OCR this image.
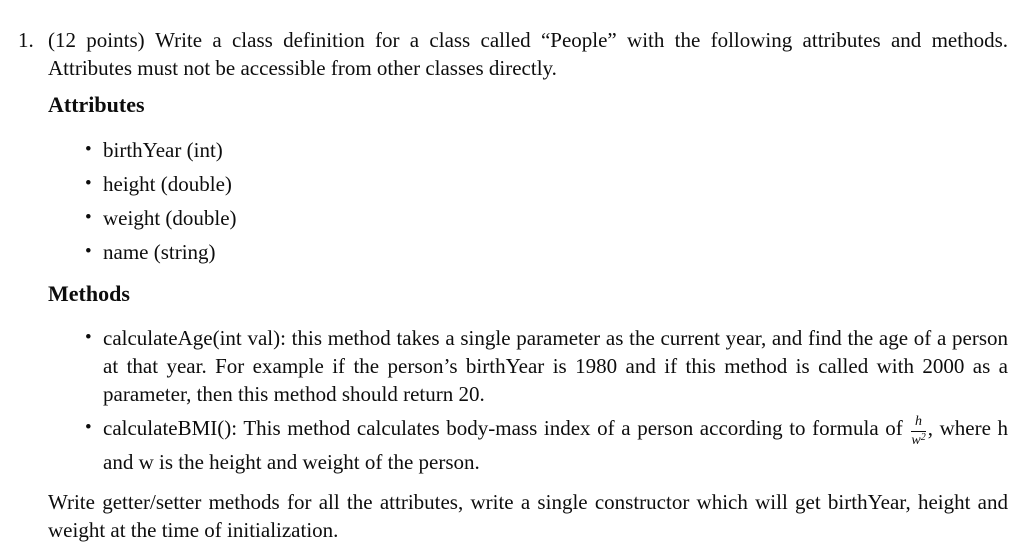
1. (12 points) Write a class definition for a class called “People” with the following attributes and methods. Attributes must not be accessible from other classes directly.

Attributes
• birthYear (int)
• height (double)
• weight (double)
• name (string)
Methods
• calculateAge(int val): this method takes a single parameter as the current year, and find the age of a person at that year. For example if the person’s birthYear is 1980 and if this method is called with 2000 as a parameter, then this method should return 20.
• calculateBMI(): This method calculates body-mass index of a person according to formula of $\frac{h}{w^2}$ , where h and w is the height and weight of the person.

Write getter/setter methods for all the attributes, write a single constructor which will get birthYear, height and weight at the time of initialization.
